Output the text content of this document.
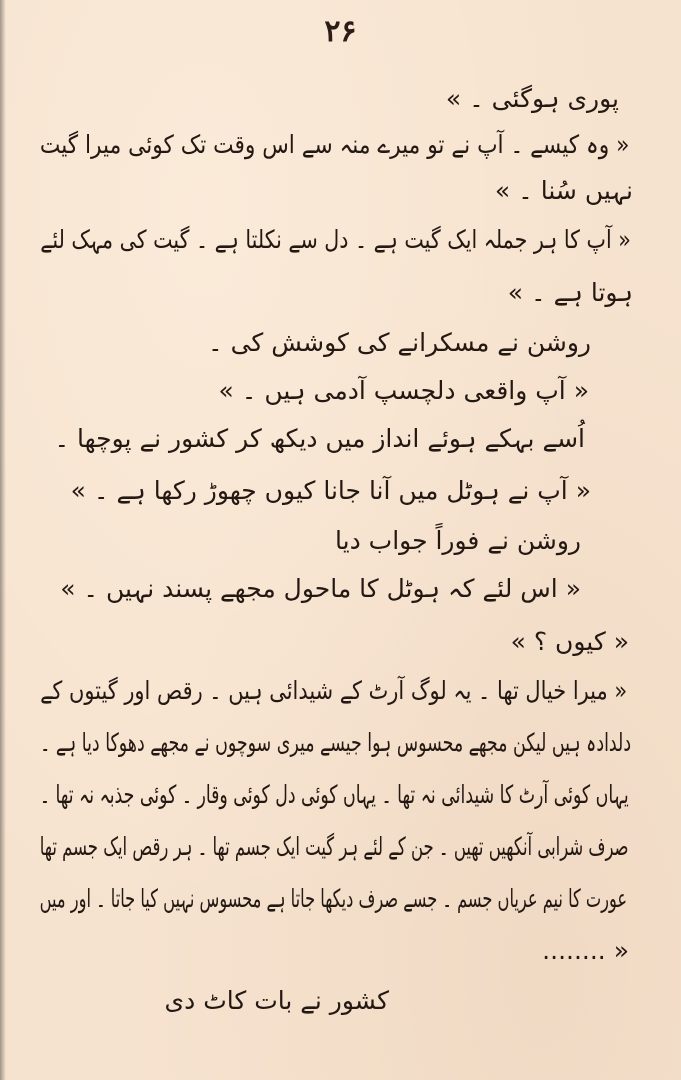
۲۶
پوری ہوگئی ۔ »
« وہ کیسے ۔ آپ نے تو میرے منہ سے اس وقت تک کوئی میرا گیت
نہیں سُنا ۔ »
« آپ کا ہر جملہ ایک گیت ہے ۔ دل سے نکلتا ہے ۔ گیت کی مہک لئے
ہوتا ہے ۔ »
روشن نے مسکرانے کی کوشش کی ۔
« آپ واقعی دلچسپ آدمی ہیں ۔ »
اُسے بہکے ہوئے انداز میں دیکھ کر کشور نے پوچھا ۔
« آپ نے ہوٹل میں آنا جانا کیوں چھوڑ رکھا ہے ۔ »
روشن نے فوراً جواب دیا
« اس لئے کہ ہوٹل کا ماحول مجھے پسند نہیں ۔ »
« کیوں ؟ »
« میرا خیال تھا ۔ یہ لوگ آرٹ کے شیدائی ہیں ۔ رقص اور گیتوں کے
دلدادہ ہیں لیکن مجھے محسوس ہوا جیسے میری سوچوں نے مجھے دھوکا دیا ہے ۔
یہاں کوئی آرٹ کا شیدائی نہ تھا ۔ یہاں کوئی دل کوئی وقار ۔ کوئی جذبہ نہ تھا ۔
صرف شرابی آنکھیں تھیں ۔ جن کے لئے ہر گیت ایک جسم تھا ۔ ہر رقص ایک جسم تھا
عورت کا نیم عریاں جسم ۔ جسے صرف دیکھا جاتا ہے محسوس نہیں کیا جاتا ۔ اور میں
........ »
کشور نے بات کاٹ دی
